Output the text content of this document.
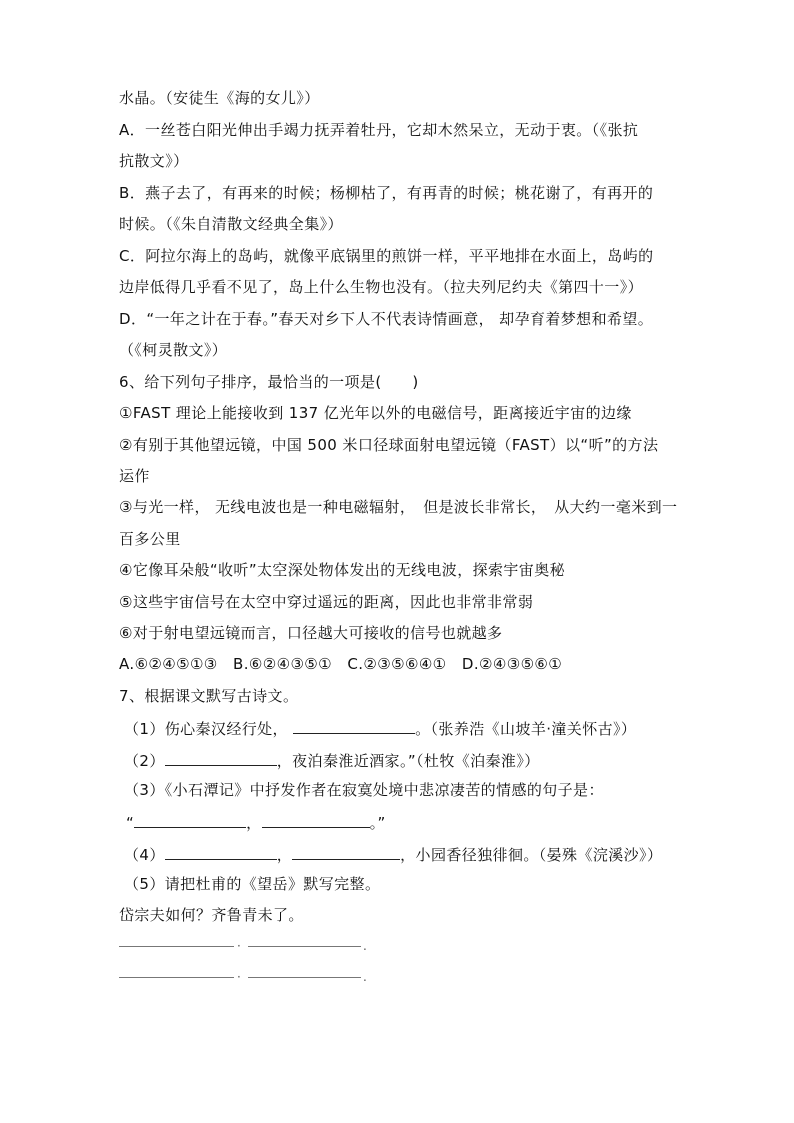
水晶。（安徒生《海的女儿》）
A．一丝苍白阳光伸出手竭力抚弄着牡丹，它却木然呆立，无动于衷。（《张抗
抗散文》）
B．燕子去了，有再来的时候；杨柳枯了，有再青的时候；桃花谢了，有再开的
时候。（《朱自清散文经典全集》）
C．阿拉尔海上的岛屿，就像平底锅里的煎饼一样，平平地排在水面上，岛屿的
边岸低得几乎看不见了，岛上什么生物也没有。（拉夫列尼约夫《第四十一》）
D．“一年之计在于春。”春天对乡下人不代表诗情画意， 却孕育着梦想和希望。
（《柯灵散文》）
6、给下列句子排序，最恰当的一项是(　　)
①FAST 理论上能接收到 137 亿光年以外的电磁信号，距离接近宇宙的边缘
②有别于其他望远镜，中国 500 米口径球面射电望远镜（FAST）以“听”的方法
运作
③与光一样， 无线电波也是一种电磁辐射，　但是波长非常长，　从大约一毫米到一
百多公里
④它像耳朵般“收听”太空深处物体发出的无线电波，探索宇宙奥秘
⑤这些宇宙信号在太空中穿过遥远的距离，因此也非常非常弱
⑥对于射电望远镜而言，口径越大可接收的信号也就越多
A.⑥②④⑤①③　B.⑥②④③⑤①　C.②③⑤⑥④①　D.②④③⑤⑥①
7、根据课文默写古诗文。
（1）伤心秦汉经行处，	。（张养浩《山坡羊·潼关怀古》）
（2）	，夜泊秦淮近酒家。”（杜牧《泊秦淮》）
（3）《小石潭记》中抒发作者在寂寞处境中悲凉凄苦的情感的句子是：
“	，	。”
（4）	，	，小园香径独徘徊。（晏殊《浣溪沙》）
（5）请把杜甫的《望岳》默写完整。
岱宗夫如何？齐鲁青未了。
·	.
·	.
